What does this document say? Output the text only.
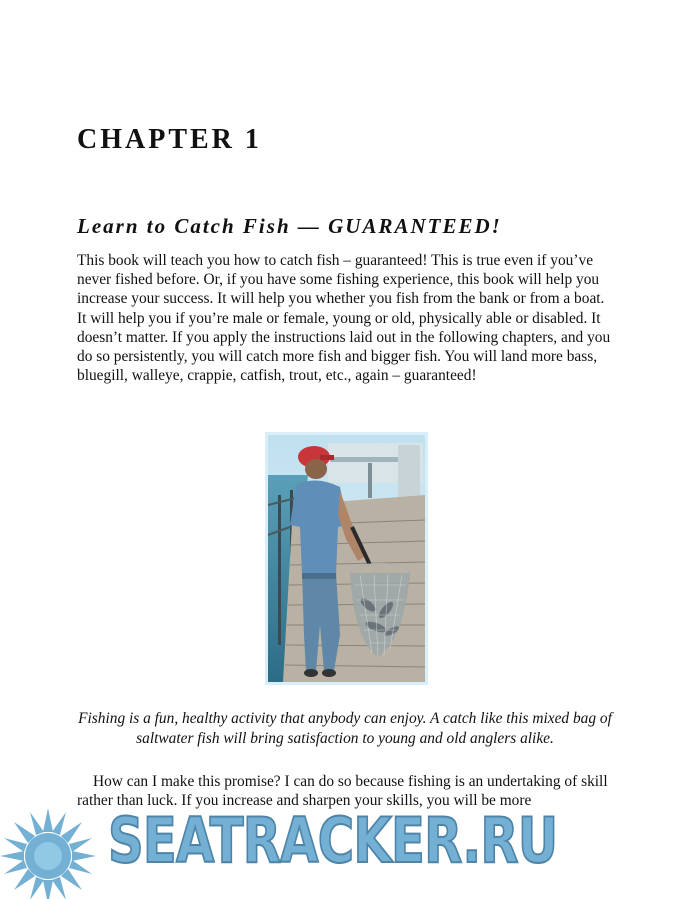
CHAPTER 1
Learn to Catch Fish — GUARANTEED!

This book will teach you how to catch fish – guaranteed! This is true even if you’ve never fished before. Or, if you have some fishing experience, this book will help you increase your success. It will help you whether you fish from the bank or from a boat. It will help you if you’re male or female, young or old, physically able or disabled. It doesn’t matter. If you apply the instructions laid out in the following chapters, and you do so persistently, you will catch more fish and bigger fish. You will land more bass, bluegill, walleye, crappie, catfish, trout, etc., again – guaranteed!

Fishing is a fun, healthy activity that anybody can enjoy. A catch like this mixed bag of saltwater fish will bring satisfaction to young and old anglers alike.

How can I make this promise? I can do so because fishing is an undertaking of skill rather than luck. If you increase and sharpen your skills, you will be more

SEATRACKER.RU
